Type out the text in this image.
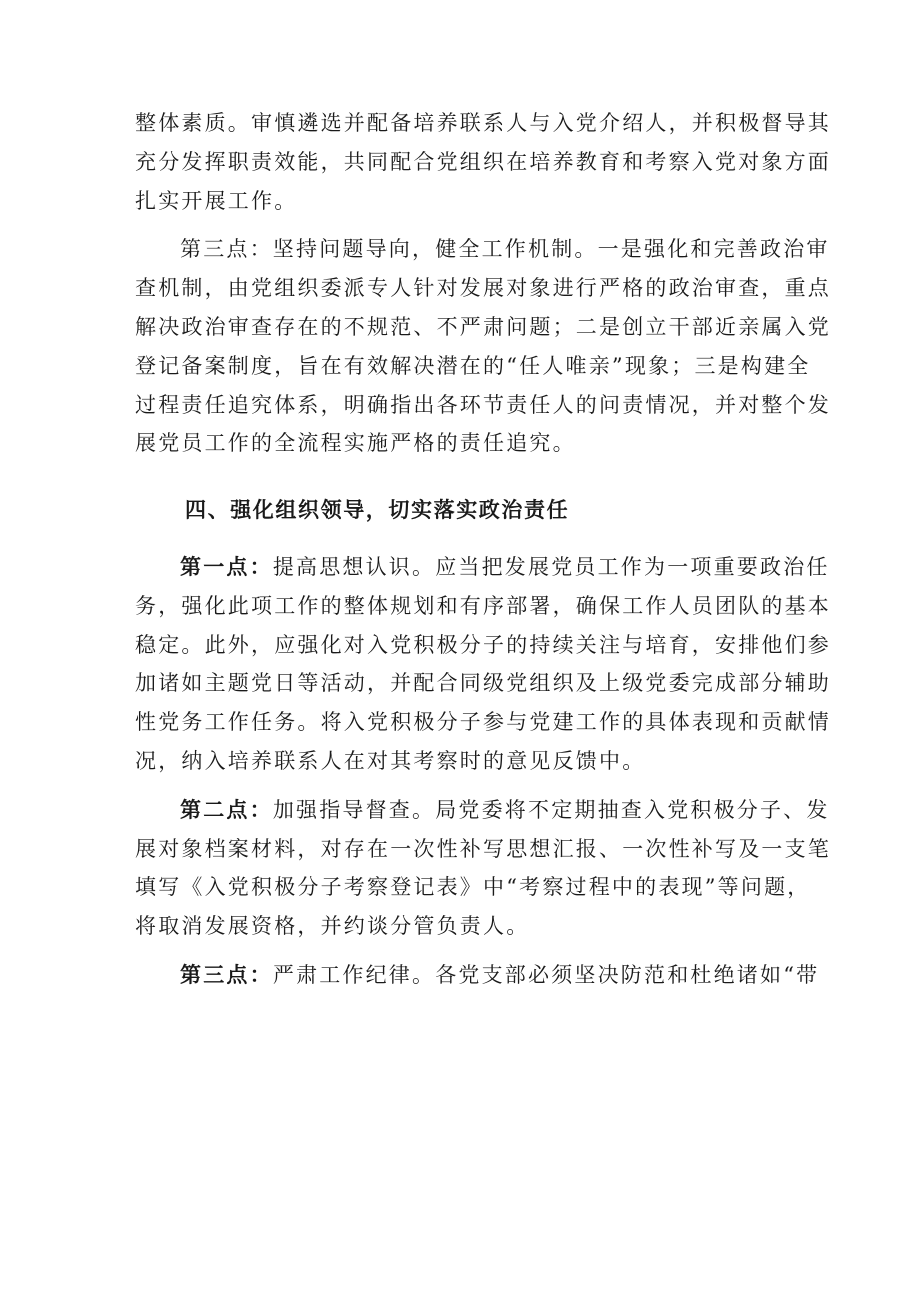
整体素质。审慎遴选并配备培养联系人与入党介绍人，并积极督导其
充分发挥职责效能，共同配合党组织在培养教育和考察入党对象方面
扎实开展工作。

第三点：坚持问题导向，健全工作机制。一是强化和完善政治审
查机制，由党组织委派专人针对发展对象进行严格的政治审查，重点
解决政治审查存在的不规范、不严肃问题；二是创立干部近亲属入党
登记备案制度，旨在有效解决潜在的“任人唯亲”现象；三是构建全
过程责任追究体系，明确指出各环节责任人的问责情况，并对整个发
展党员工作的全流程实施严格的责任追究。

四、强化组织领导，切实落实政治责任

第一点：提高思想认识。应当把发展党员工作为一项重要政治任
务，强化此项工作的整体规划和有序部署，确保工作人员团队的基本
稳定。此外，应强化对入党积极分子的持续关注与培育，安排他们参
加诸如主题党日等活动，并配合同级党组织及上级党委完成部分辅助
性党务工作任务。将入党积极分子参与党建工作的具体表现和贡献情
况，纳入培养联系人在对其考察时的意见反馈中。

第二点：加强指导督查。局党委将不定期抽查入党积极分子、发
展对象档案材料，对存在一次性补写思想汇报、一次性补写及一支笔
填写《入党积极分子考察登记表》中“考察过程中的表现”等问题，
将取消发展资格，并约谈分管负责人。

第三点：严肃工作纪律。各党支部必须坚决防范和杜绝诸如“带
